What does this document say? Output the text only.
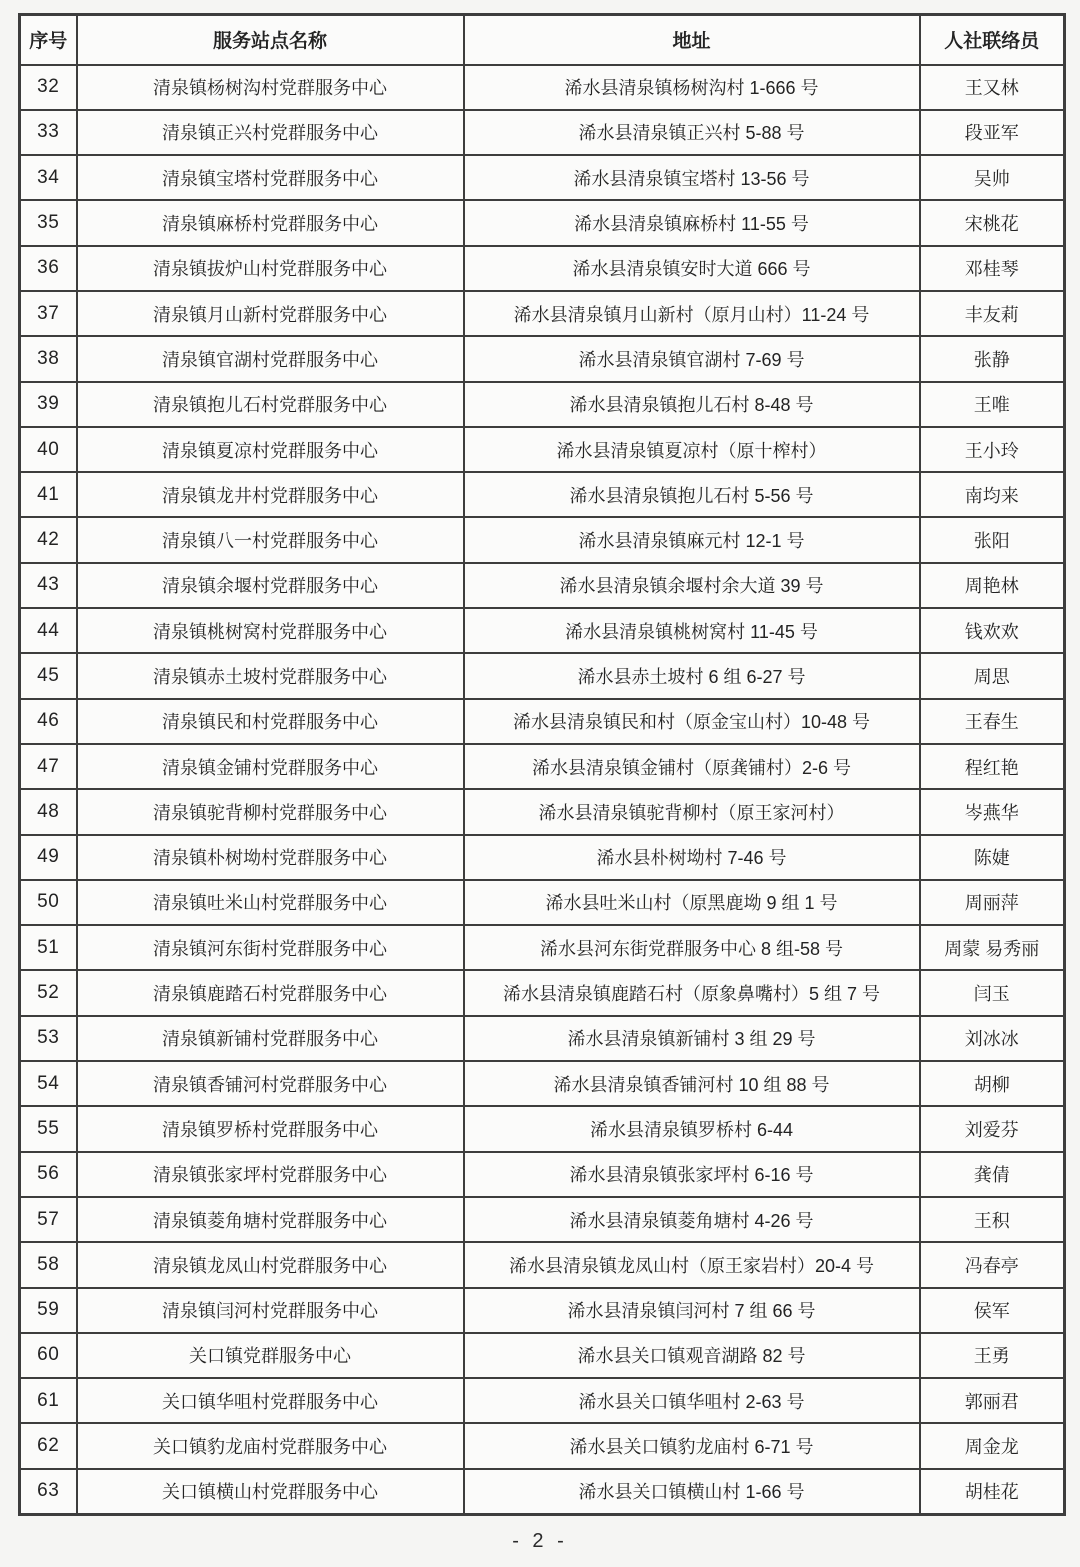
序号	服务站点名称	地址	人社联络员
32	清泉镇杨树沟村党群服务中心	浠水县清泉镇杨树沟村 1-666 号	王又林
33	清泉镇正兴村党群服务中心	浠水县清泉镇正兴村 5-88 号	段亚军
34	清泉镇宝塔村党群服务中心	浠水县清泉镇宝塔村 13-56 号	吴帅
35	清泉镇麻桥村党群服务中心	浠水县清泉镇麻桥村 11-55 号	宋桃花
36	清泉镇拔炉山村党群服务中心	浠水县清泉镇安时大道 666 号	邓桂琴
37	清泉镇月山新村党群服务中心	浠水县清泉镇月山新村（原月山村）11-24 号	丰友莉
38	清泉镇官湖村党群服务中心	浠水县清泉镇官湖村 7-69 号	张静
39	清泉镇抱儿石村党群服务中心	浠水县清泉镇抱儿石村 8-48 号	王唯
40	清泉镇夏凉村党群服务中心	浠水县清泉镇夏凉村（原十榨村）	王小玲
41	清泉镇龙井村党群服务中心	浠水县清泉镇抱儿石村 5-56 号	南均来
42	清泉镇八一村党群服务中心	浠水县清泉镇麻元村 12-1 号	张阳
43	清泉镇余堰村党群服务中心	浠水县清泉镇余堰村余大道 39 号	周艳林
44	清泉镇桃树窝村党群服务中心	浠水县清泉镇桃树窝村 11-45 号	钱欢欢
45	清泉镇赤土坡村党群服务中心	浠水县赤土坡村 6 组 6-27 号	周思
46	清泉镇民和村党群服务中心	浠水县清泉镇民和村（原金宝山村）10-48 号	王春生
47	清泉镇金铺村党群服务中心	浠水县清泉镇金铺村（原龚铺村）2-6 号	程红艳
48	清泉镇驼背柳村党群服务中心	浠水县清泉镇驼背柳村（原王家河村）	岑燕华
49	清泉镇朴树坳村党群服务中心	浠水县朴树坳村 7-46 号	陈婕
50	清泉镇吐米山村党群服务中心	浠水县吐米山村（原黑鹿坳 9 组 1 号	周丽萍
51	清泉镇河东街村党群服务中心	浠水县河东街党群服务中心 8 组-58 号	周蒙 易秀丽
52	清泉镇鹿踏石村党群服务中心	浠水县清泉镇鹿踏石村（原象鼻嘴村）5 组 7 号	闫玉
53	清泉镇新铺村党群服务中心	浠水县清泉镇新铺村 3 组 29 号	刘冰冰
54	清泉镇香铺河村党群服务中心	浠水县清泉镇香铺河村 10 组 88 号	胡柳
55	清泉镇罗桥村党群服务中心	浠水县清泉镇罗桥村 6-44	刘爱芬
56	清泉镇张家坪村党群服务中心	浠水县清泉镇张家坪村 6-16 号	龚倩
57	清泉镇菱角塘村党群服务中心	浠水县清泉镇菱角塘村 4-26 号	王积
58	清泉镇龙凤山村党群服务中心	浠水县清泉镇龙凤山村（原王家岩村）20-4 号	冯春亭
59	清泉镇闫河村党群服务中心	浠水县清泉镇闫河村 7 组 66 号	侯军
60	关口镇党群服务中心	浠水县关口镇观音湖路 82 号	王勇
61	关口镇华咀村党群服务中心	浠水县关口镇华咀村 2-63 号	郭丽君
62	关口镇豹龙庙村党群服务中心	浠水县关口镇豹龙庙村 6-71 号	周金龙
63	关口镇横山村党群服务中心	浠水县关口镇横山村 1-66 号	胡桂花
- 2 -
